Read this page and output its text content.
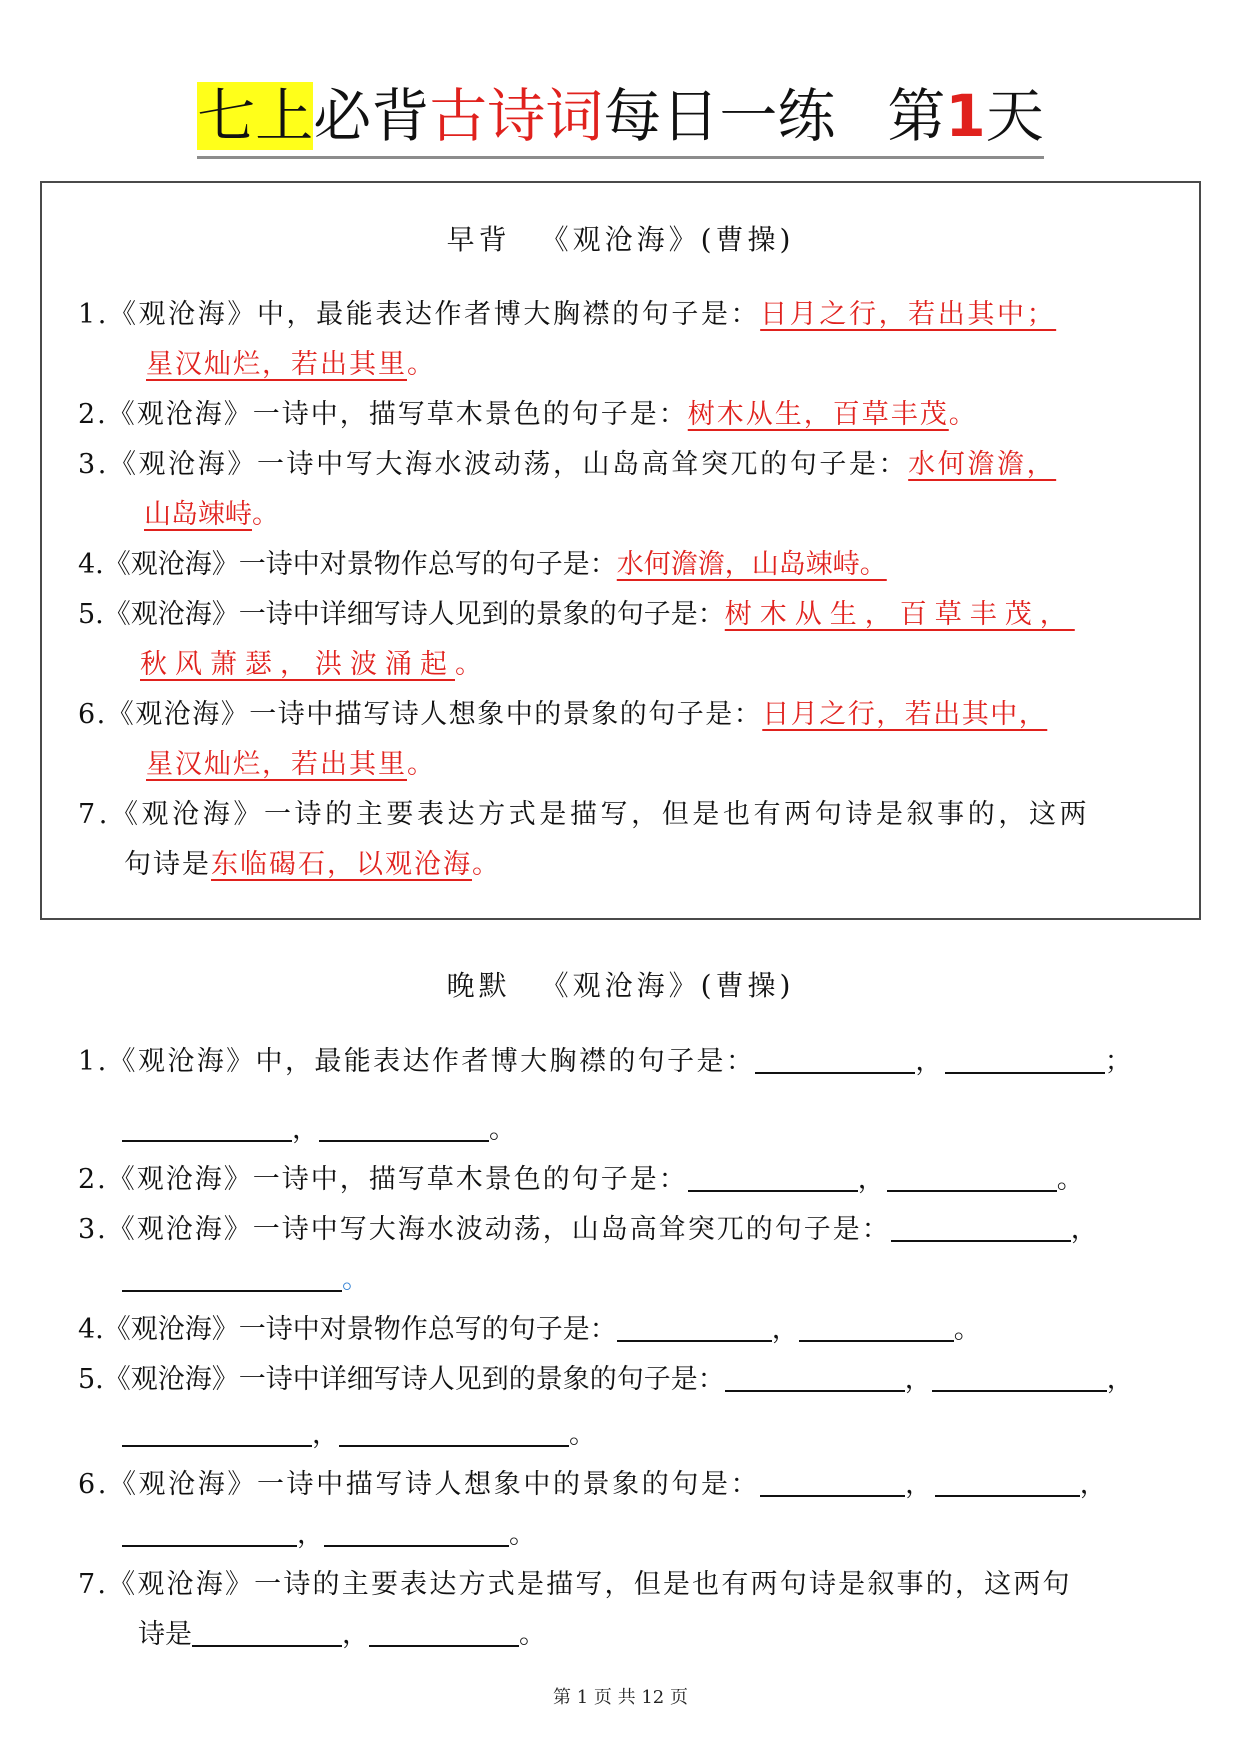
七上必背古诗词每日一练 第1天
早背 《观沧海》(曹操)
1.《观沧海》中，最能表达作者博大胸襟的句子是：日月之行，若出其中；
星汉灿烂，若出其里。
2.《观沧海》一诗中，描写草木景色的句子是：树木从生，百草丰茂。
3.《观沧海》一诗中写大海水波动荡，山岛高耸突兀的句子是：水何澹澹，
山岛竦峙。
4.《观沧海》一诗中对景物作总写的句子是：水何澹澹，山岛竦峙。
5.《观沧海》一诗中详细写诗人见到的景象的句子是：树木从生，百草丰茂，
秋风萧瑟，洪波涌起。
6.《观沧海》一诗中描写诗人想象中的景象的句子是：日月之行，若出其中，
星汉灿烂，若出其里。
7.《观沧海》一诗的主要表达方式是描写，但是也有两句诗是叙事的，这两
句诗是东临碣石，以观沧海。
晚默 《观沧海》(曹操)
1.《观沧海》中，最能表达作者博大胸襟的句子是：	，	；
，	。
2.《观沧海》一诗中，描写草木景色的句子是：	，	。
3.《观沧海》一诗中写大海水波动荡，山岛高耸突兀的句子是：	，
。
4.《观沧海》一诗中对景物作总写的句子是：	，	。
5.《观沧海》一诗中详细写诗人见到的景象的句子是：	，	，
，	。
6.《观沧海》一诗中描写诗人想象中的景象的句是：	，	，
，	。
7.《观沧海》一诗的主要表达方式是描写，但是也有两句诗是叙事的，这两句
诗是	，	。
第 1 页 共 12 页
